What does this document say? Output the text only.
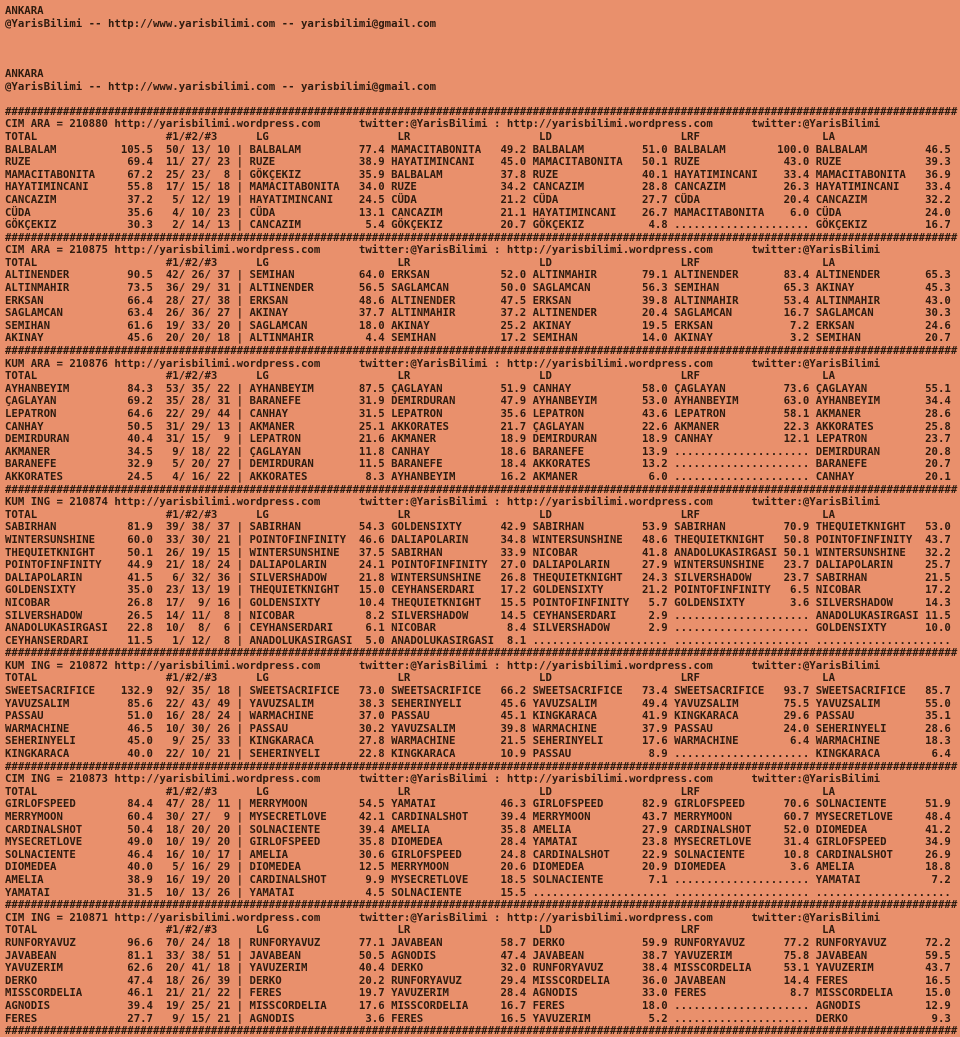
ANKARA
@YarisBilimi -- http://www.yarisbilimi.com -- yarisbilimi@gmail.com
ANKARA
@YarisBilimi -- http://www.yarisbilimi.com -- yarisbilimi@gmail.com
####################################################################################################################################################
CIM ARA = 210880 http://yarisbilimi.wordpress.com      twitter:@YarisBilimi : http://yarisbilimi.wordpress.com      twitter:@YarisBilimi
TOTAL                    #1/#2/#3      LG                    LR                    LD                    LRF                   LA
BALBALAM          105.5  50/ 13/ 10 | BALBALAM         77.4 MAMACITABONITA   49.2 BALBALAM         51.0 BALBALAM        100.0 BALBALAM         46.5
RUZE               69.4  11/ 27/ 23 | RUZE             38.9 HAYATIMINCANI    45.0 MAMACITABONITA   50.1 RUZE             43.0 RUZE             39.3
MAMACITABONITA     67.2  25/ 23/  8 | GÖKÇEKIZ         35.9 BALBALAM         37.8 RUZE             40.1 HAYATIMINCANI    33.4 MAMACITABONITA   36.9
HAYATIMINCANI      55.8  17/ 15/ 18 | MAMACITABONITA   34.0 RUZE             34.2 CANCAZIM         28.8 CANCAZIM         26.3 HAYATIMINCANI    33.4
CANCAZIM           37.2   5/ 12/ 19 | HAYATIMINCANI    24.5 CÜDA             21.2 CÜDA             27.7 CÜDA             20.4 CANCAZIM         32.2
CÜDA               35.6   4/ 10/ 23 | CÜDA             13.1 CANCAZIM         21.1 HAYATIMINCANI    26.7 MAMACITABONITA    6.0 CÜDA             24.0
GÖKÇEKIZ           30.3   2/ 14/ 13 | CANCAZIM          5.4 GÖKÇEKIZ         20.7 GÖKÇEKIZ          4.8 ..................... GÖKÇEKIZ         16.7
####################################################################################################################################################
CIM ARA = 210875 http://yarisbilimi.wordpress.com      twitter:@YarisBilimi : http://yarisbilimi.wordpress.com      twitter:@YarisBilimi
TOTAL                    #1/#2/#3      LG                    LR                    LD                    LRF                   LA
ALTINENDER         90.5  42/ 26/ 37 | SEMIHAN          64.0 ERKSAN           52.0 ALTINMAHIR       79.1 ALTINENDER       83.4 ALTINENDER       65.3
ALTINMAHIR         73.5  36/ 29/ 31 | ALTINENDER       56.5 SAGLAMCAN        50.0 SAGLAMCAN        56.3 SEMIHAN          65.3 AKINAY           45.3
ERKSAN             66.4  28/ 27/ 38 | ERKSAN           48.6 ALTINENDER       47.5 ERKSAN           39.8 ALTINMAHIR       53.4 ALTINMAHIR       43.0
SAGLAMCAN          63.4  26/ 36/ 27 | AKINAY           37.7 ALTINMAHIR       37.2 ALTINENDER       20.4 SAGLAMCAN        16.7 SAGLAMCAN        30.3
SEMIHAN            61.6  19/ 33/ 20 | SAGLAMCAN        18.0 AKINAY           25.2 AKINAY           19.5 ERKSAN            7.2 ERKSAN           24.6
AKINAY             45.6  20/ 20/ 18 | ALTINMAHIR        4.4 SEMIHAN          17.2 SEMIHAN          14.0 AKINAY            3.2 SEMIHAN          20.7
####################################################################################################################################################
KUM ARA = 210876 http://yarisbilimi.wordpress.com      twitter:@YarisBilimi : http://yarisbilimi.wordpress.com      twitter:@YarisBilimi
TOTAL                    #1/#2/#3      LG                    LR                    LD                    LRF                   LA
AYHANBEYIM         84.3  53/ 35/ 22 | AYHANBEYIM       87.5 ÇAGLAYAN         51.9 CANHAY           58.0 ÇAGLAYAN         73.6 ÇAGLAYAN         55.1
ÇAGLAYAN           69.2  35/ 28/ 31 | BARANEFE         31.9 DEMIRDURAN       47.9 AYHANBEYIM       53.0 AYHANBEYIM       63.0 AYHANBEYIM       34.4
LEPATRON           64.6  22/ 29/ 44 | CANHAY           31.5 LEPATRON         35.6 LEPATRON         43.6 LEPATRON         58.1 AKMANER          28.6
CANHAY             50.5  31/ 29/ 13 | AKMANER          25.1 AKKORATES        21.7 ÇAGLAYAN         22.6 AKMANER          22.3 AKKORATES        25.8
DEMIRDURAN         40.4  31/ 15/  9 | LEPATRON         21.6 AKMANER          18.9 DEMIRDURAN       18.9 CANHAY           12.1 LEPATRON         23.7
AKMANER            34.5   9/ 18/ 22 | ÇAGLAYAN         11.8 CANHAY           18.6 BARANEFE         13.9 ..................... DEMIRDURAN       20.8
BARANEFE           32.9   5/ 20/ 27 | DEMIRDURAN       11.5 BARANEFE         18.4 AKKORATES        13.2 ..................... BARANEFE         20.7
AKKORATES          24.5   4/ 16/ 22 | AKKORATES         8.3 AYHANBEYIM       16.2 AKMANER           6.0 ..................... CANHAY           20.1
####################################################################################################################################################
KUM ING = 210874 http://yarisbilimi.wordpress.com      twitter:@YarisBilimi : http://yarisbilimi.wordpress.com      twitter:@YarisBilimi
TOTAL                    #1/#2/#3      LG                    LR                    LD                    LRF                   LA
SABIRHAN           81.9  39/ 38/ 37 | SABIRHAN         54.3 GOLDENSIXTY      42.9 SABIRHAN         53.9 SABIRHAN         70.9 THEQUIETKNIGHT   53.0
WINTERSUNSHINE     60.0  33/ 30/ 21 | POINTOFINFINITY  46.6 DALIAPOLARIN     34.8 WINTERSUNSHINE   48.6 THEQUIETKNIGHT   50.8 POINTOFINFINITY  43.7
THEQUIETKNIGHT     50.1  26/ 19/ 15 | WINTERSUNSHINE   37.5 SABIRHAN         33.9 NICOBAR          41.8 ANADOLUKASIRGASI 50.1 WINTERSUNSHINE   32.2
POINTOFINFINITY    44.9  21/ 18/ 24 | DALIAPOLARIN     24.1 POINTOFINFINITY  27.0 DALIAPOLARIN     27.9 WINTERSUNSHINE   23.7 DALIAPOLARIN     25.7
DALIAPOLARIN       41.5   6/ 32/ 36 | SILVERSHADOW     21.8 WINTERSUNSHINE   26.8 THEQUIETKNIGHT   24.3 SILVERSHADOW     23.7 SABIRHAN         21.5
GOLDENSIXTY        35.0  23/ 13/ 19 | THEQUIETKNIGHT   15.0 CEYHANSERDARI    17.2 GOLDENSIXTY      21.2 POINTOFINFINITY   6.5 NICOBAR          17.2
NICOBAR            26.8  17/  9/ 16 | GOLDENSIXTY      10.4 THEQUIETKNIGHT   15.5 POINTOFINFINITY   5.7 GOLDENSIXTY       3.6 SILVERSHADOW     14.3
SILVERSHADOW       26.5  14/ 11/  8 | NICOBAR           8.2 SILVERSHADOW     14.5 CEYHANSERDARI     2.9 ..................... ANADOLUKASIRGASI 11.5
ANADOLUKASIRGASI   22.8  10/  8/  6 | CEYHANSERDARI     6.1 NICOBAR           8.4 SILVERSHADOW      2.9 ..................... GOLDENSIXTY      10.0
CEYHANSERDARI      11.5   1/ 12/  8 | ANADOLUKASIRGASI  5.0 ANADOLUKASIRGASI  8.1 ..................... ..................... .....................
####################################################################################################################################################
KUM ING = 210872 http://yarisbilimi.wordpress.com      twitter:@YarisBilimi : http://yarisbilimi.wordpress.com      twitter:@YarisBilimi
TOTAL                    #1/#2/#3      LG                    LR                    LD                    LRF                   LA
SWEETSACRIFICE    132.9  92/ 35/ 18 | SWEETSACRIFICE   73.0 SWEETSACRIFICE   66.2 SWEETSACRIFICE   73.4 SWEETSACRIFICE   93.7 SWEETSACRIFICE   85.7
YAVUZSALIM         85.6  22/ 43/ 49 | YAVUZSALIM       38.3 SEHERINYELI      45.6 YAVUZSALIM       49.4 YAVUZSALIM       75.5 YAVUZSALIM       55.0
PASSAU             51.0  16/ 28/ 24 | WARMACHINE       37.0 PASSAU           45.1 KINGKARACA       41.9 KINGKARACA       29.6 PASSAU           35.1
WARMACHINE         46.5  10/ 30/ 26 | PASSAU           30.2 YAVUZSALIM       39.8 WARMACHINE       37.9 PASSAU           24.0 SEHERINYELI      28.6
SEHERINYELI        45.0   9/ 25/ 33 | KINGKARACA       27.8 WARMACHINE       21.5 SEHERINYELI      17.6 WARMACHINE        6.4 WARMACHINE       18.3
KINGKARACA         40.0  22/ 10/ 21 | SEHERINYELI      22.8 KINGKARACA       10.9 PASSAU            8.9 ..................... KINGKARACA        6.4
####################################################################################################################################################
CIM ING = 210873 http://yarisbilimi.wordpress.com      twitter:@YarisBilimi : http://yarisbilimi.wordpress.com      twitter:@YarisBilimi
TOTAL                    #1/#2/#3      LG                    LR                    LD                    LRF                   LA
GIRLOFSPEED        84.4  47/ 28/ 11 | MERRYMOON        54.5 YAMATAI          46.3 GIRLOFSPEED      82.9 GIRLOFSPEED      70.6 SOLNACIENTE      51.9
MERRYMOON          60.4  30/ 27/  9 | MYSECRETLOVE     42.1 CARDINALSHOT     39.4 MERRYMOON        43.7 MERRYMOON        60.7 MYSECRETLOVE     48.4
CARDINALSHOT       50.4  18/ 20/ 20 | SOLNACIENTE      39.4 AMELIA           35.8 AMELIA           27.9 CARDINALSHOT     52.0 DIOMEDEA         41.2
MYSECRETLOVE       49.0  10/ 19/ 20 | GIRLOFSPEED      35.8 DIOMEDEA         28.4 YAMATAI          23.8 MYSECRETLOVE     31.4 GIRLOFSPEED      34.9
SOLNACIENTE        46.4  16/ 10/ 17 | AMELIA           30.6 GIRLOFSPEED      24.8 CARDINALSHOT     22.9 SOLNACIENTE      10.8 CARDINALSHOT     26.9
DIOMEDEA           40.0   5/ 16/ 29 | DIOMEDEA         12.5 MERRYMOON        20.6 DIOMEDEA         20.9 DIOMEDEA          3.6 AMELIA           18.8
AMELIA             38.9  16/ 19/ 20 | CARDINALSHOT      9.9 MYSECRETLOVE     18.5 SOLNACIENTE       7.1 ..................... YAMATAI           7.2
YAMATAI            31.5  10/ 13/ 26 | YAMATAI           4.5 SOLNACIENTE      15.5 ..................... ..................... .....................
####################################################################################################################################################
CIM ING = 210871 http://yarisbilimi.wordpress.com      twitter:@YarisBilimi : http://yarisbilimi.wordpress.com      twitter:@YarisBilimi
TOTAL                    #1/#2/#3      LG                    LR                    LD                    LRF                   LA
RUNFORYAVUZ        96.6  70/ 24/ 18 | RUNFORYAVUZ      77.1 JAVABEAN         58.7 DERKO            59.9 RUNFORYAVUZ      77.2 RUNFORYAVUZ      72.2
JAVABEAN           81.1  33/ 38/ 51 | JAVABEAN         50.5 AGNODIS          47.4 JAVABEAN         38.7 YAVUZERIM        75.8 JAVABEAN         59.5
YAVUZERIM          62.6  20/ 41/ 18 | YAVUZERIM        40.4 DERKO            32.0 RUNFORYAVUZ      38.4 MISSCORDELIA     53.1 YAVUZERIM        43.7
DERKO              47.4  18/ 26/ 39 | DERKO            20.2 RUNFORYAVUZ      29.4 MISSCORDELIA     36.0 JAVABEAN         14.4 FERES            16.5
MISSCORDELIA       46.1  21/ 21/ 22 | FERES            19.7 YAVUZERIM        28.4 AGNODIS          33.0 FERES             8.7 MISSCORDELIA     15.0
AGNODIS            39.4  19/ 25/ 21 | MISSCORDELIA     17.6 MISSCORDELIA     16.7 FERES            18.0 ..................... AGNODIS          12.9
FERES              27.7   9/ 15/ 21 | AGNODIS           3.6 FERES            16.5 YAVUZERIM         5.2 ..................... DERKO             9.3
####################################################################################################################################################
